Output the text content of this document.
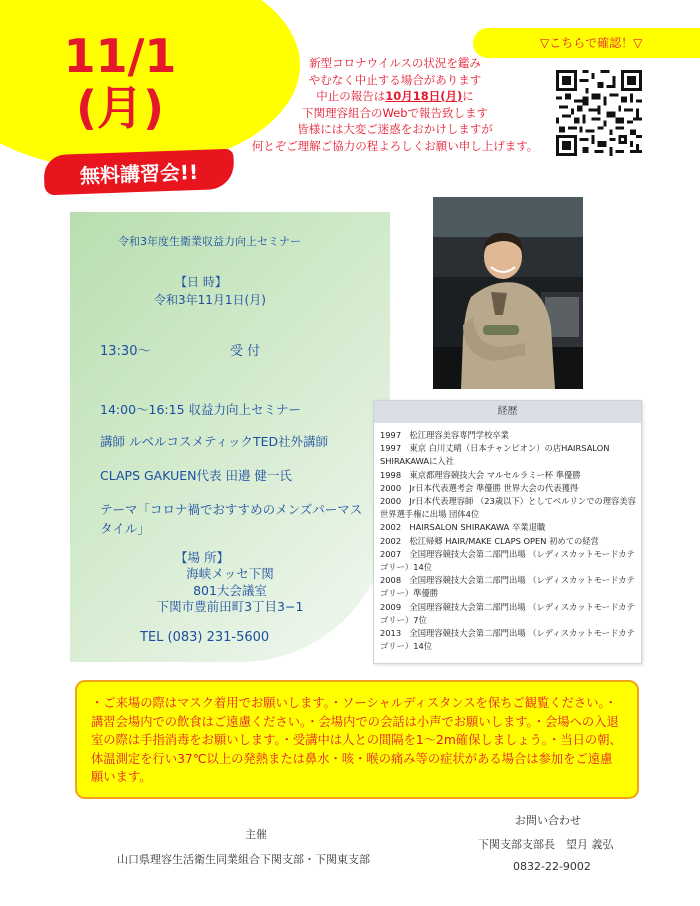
11/1
(月)
無料講習会!!
▽こちらで確認！▽
新型コロナウイルスの状況を鑑み
やむなく中止する場合があります
中止の報告は10月18日(月)に
下関理容組合のWebで報告致します
皆様には大変ご迷惑をおかけしますが
何とぞご理解ご協力の程よろしくお願い申し上げます。
令和3年度生衛業収益力向上セミナー
【日 時】
令和3年11月1日(月)
13:30～	受 付
14:00～16:15 収益力向上セミナー
講師 ルベルコスメティックTED社外講師
CLAPS GAKUEN代表 田邉 健一氏
テーマ「コロナ禍でおすすめのメンズパーマス
タイル」
【場 所】
海峡メッセ下関
801大会議室
下関市豊前田町3丁目3−1
TEL (083) 231-5600
経歴
1997　松江理容美容専門学校卒業
1997　東京 白川丈晴（日本チャンピオン）の店HAIRSALON SHIRAKAWAに入社
1998　東京都理容競技大会 マルセルラミー杯 準優勝
2000　Jr日本代表選考会 準優勝 世界大会の代表獲得
2000　Jr日本代表理容師 （23歳以下）としてベルリンでの理容美容世界選手権に出場 団体4位
2002　HAIRSALON SHIRAKAWA 卒業退職
2002　松江帰郷 HAIR/MAKE CLAPS OPEN 初めての経営
2007　全国理容競技大会第二部門出場 （レディスカットモードカテゴリー）14位
2008　全国理容競技大会第二部門出場 （レディスカットモードカテゴリー）準優勝
2009　全国理容競技大会第二部門出場 （レディスカットモードカテゴリー）7位
2013　全国理容競技大会第二部門出場 （レディスカットモードカテゴリー）14位
・ご来場の際はマスク着用でお願いします。・ソーシャルディスタンスを保ちご観覧ください。・講習会場内での飲食はご遠慮ください。・会場内での会話は小声でお願いします。・会場への入退室の際は手指消毒をお願いします。・受講中は人との間隔を1〜2m確保しましょう。・当日の朝、体温測定を行い37℃以上の発熱または鼻水・咳・喉の痛み等の症状がある場合は参加をご遠慮願います。
主催
山口県理容生活衛生同業組合下関支部・下関東支部
お問い合わせ
下関支部支部長　望月 義弘
0832-22-9002
